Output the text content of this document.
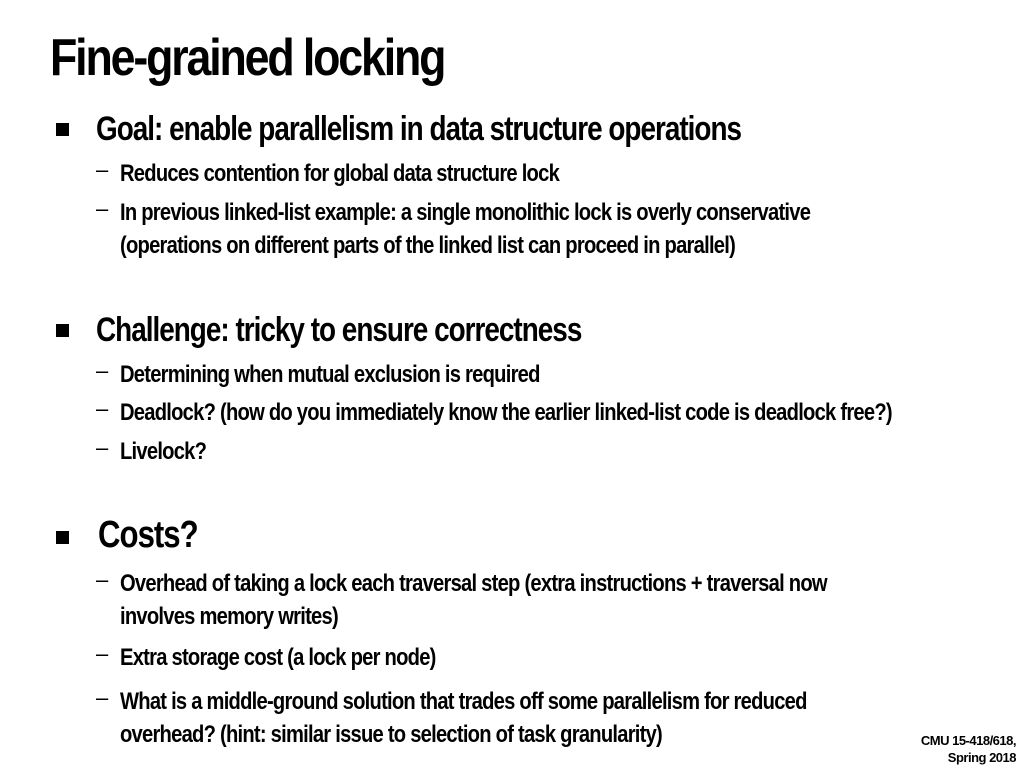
Fine-grained locking
Goal: enable parallelism in data structure operations
– Reduces contention for global data structure lock
– In previous linked-list example: a single monolithic lock is overly conservative
(operations on different parts of the linked list can proceed in parallel)
Challenge: tricky to ensure correctness
– Determining when mutual exclusion is required
– Deadlock? (how do you immediately know the earlier linked-list code is deadlock free?)
– Livelock?
Costs?
– Overhead of taking a lock each traversal step (extra instructions + traversal now
involves memory writes)
– Extra storage cost (a lock per node)
– What is a middle-ground solution that trades off some parallelism for reduced
overhead? (hint: similar issue to selection of task granularity)	CMU 15-418/618,
Spring 2018
